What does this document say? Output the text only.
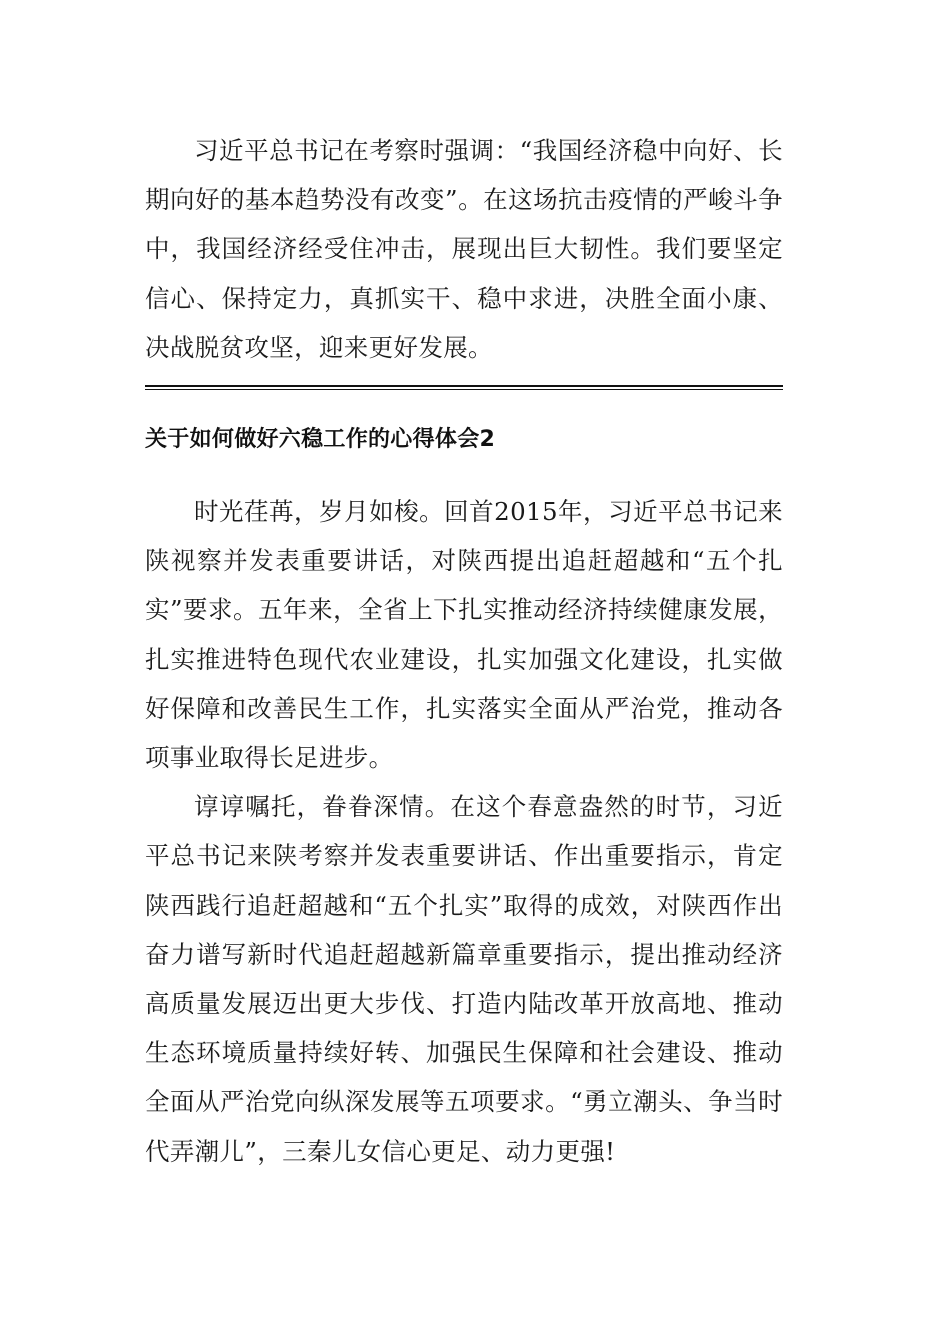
习近平总书记在考察时强调：“我国经济稳中向好、长期向好的基本趋势没有改变”。在这场抗击疫情的严峻斗争中，我国经济经受住冲击，展现出巨大韧性。我们要坚定信心、保持定力，真抓实干、稳中求进，决胜全面小康、决战脱贫攻坚，迎来更好发展。

关于如何做好六稳工作的心得体会2

时光荏苒，岁月如梭。回首2015年，习近平总书记来陕视察并发表重要讲话，对陕西提出追赶超越和“五个扎实”要求。五年来，全省上下扎实推动经济持续健康发展，扎实推进特色现代农业建设，扎实加强文化建设，扎实做好保障和改善民生工作，扎实落实全面从严治党，推动各项事业取得长足进步。

谆谆嘱托，眷眷深情。在这个春意盎然的时节，习近平总书记来陕考察并发表重要讲话、作出重要指示，肯定陕西践行追赶超越和“五个扎实”取得的成效，对陕西作出奋力谱写新时代追赶超越新篇章重要指示，提出推动经济高质量发展迈出更大步伐、打造内陆改革开放高地、推动生态环境质量持续好转、加强民生保障和社会建设、推动全面从严治党向纵深发展等五项要求。“勇立潮头、争当时代弄潮儿”，三秦儿女信心更足、动力更强!
